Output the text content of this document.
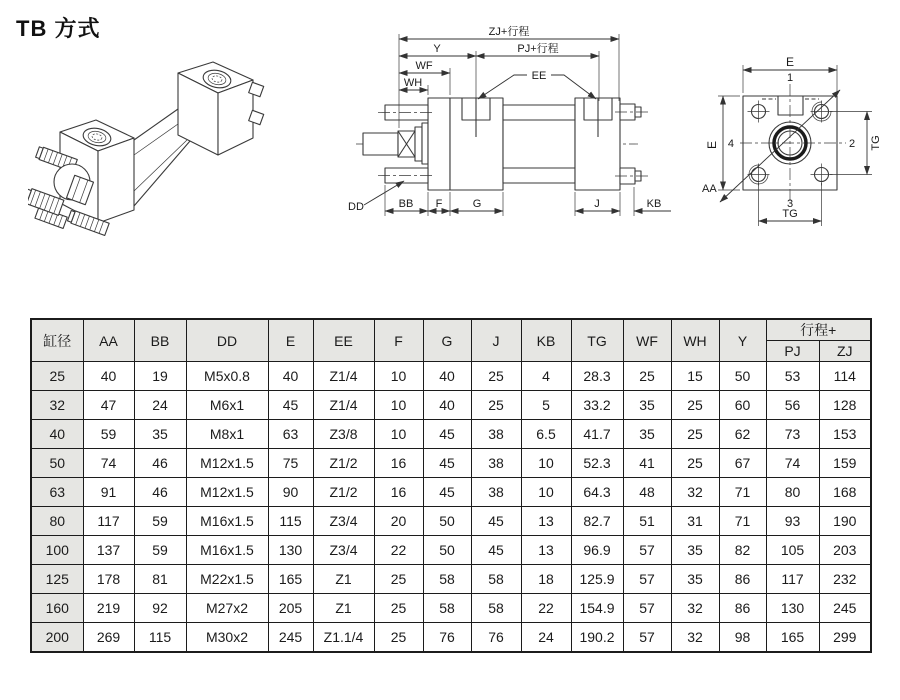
TB 方式	ZJ+行程
Y	PJ+行程
WF
WH
EE
DD	BB F	G	J	KB
E
E	TG
TG
AA
1
2
3
4
缸径	AA	BB	DD	E	EE	F	G	J	KB	TG	WF	WH	Y	行程+	
														PJ	ZJ
25	40	19	M5x0.8	40	Z1/4	10	40	25	4	28.3	25	15	50	53	114
32	47	24	M6x1	45	Z1/4	10	40	25	5	33.2	35	25	60	56	128
40	59	35	M8x1	63	Z3/8	10	45	38	6.5	41.7	35	25	62	73	153
50	74	46	M12x1.5	75	Z1/2	16	45	38	10	52.3	41	25	67	74	159
63	91	46	M12x1.5	90	Z1/2	16	45	38	10	64.3	48	32	71	80	168
80	117	59	M16x1.5	115	Z3/4	20	50	45	13	82.7	51	31	71	93	190
100	137	59	M16x1.5	130	Z3/4	22	50	45	13	96.9	57	35	82	105	203
125	178	81	M22x1.5	165	Z1	25	58	58	18	125.9	57	35	86	117	232
160	219	92	M27x2	205	Z1	25	58	58	22	154.9	57	32	86	130	245
200	269	115	M30x2	245	Z1.1/4	25	76	76	24	190.2	57	32	98	165	299
